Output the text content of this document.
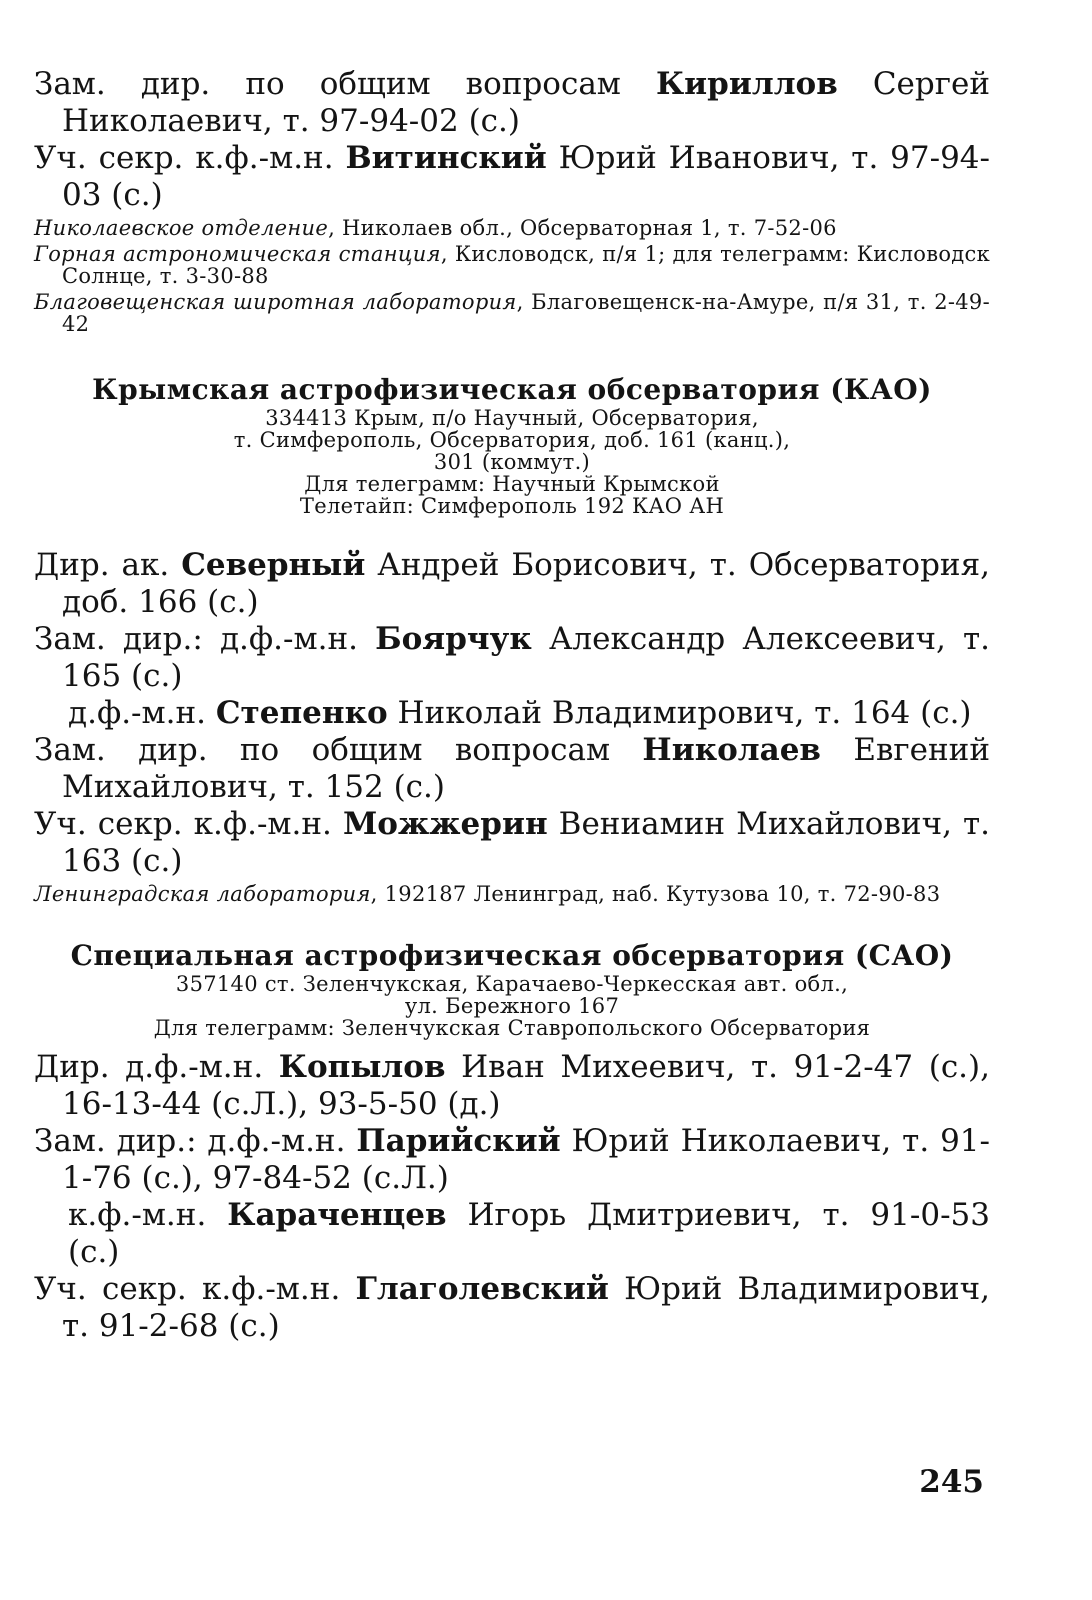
Зам. дир. по общим вопросам Кириллов Сергей Николаевич, т. 97-94-02 (с.)

Уч. секр. к.ф.-м.н. Витинский Юрий Иванович, т. 97-94-03 (с.)

Николаевское отделение, Николаев обл., Обсерваторная 1, т. 7-52-06

Горная астрономическая станция, Кисловодск, п/я 1; для телеграмм: Кисловодск Солнце, т. 3-30-88

Благовещенская широтная лаборатория, Благовещенск-на-Амуре, п/я 31, т. 2-49-42

Крымская астрофизическая обсерватория (КАО)

334413 Крым, п/о Научный, Обсерватория,

т. Симферополь, Обсерватория, доб. 161 (канц.),

301 (коммут.)

Для телеграмм: Научный Крымской

Телетайп: Симферополь 192 КАО АН

Дир. ак. Северный Андрей Борисович, т. Обсерватория, доб. 166 (с.)

Зам. дир.: д.ф.-м.н. Боярчук Александр Алексеевич, т. 165 (с.)

д.ф.-м.н. Степенко Николай Владимирович, т. 164 (с.)

Зам. дир. по общим вопросам Николаев Евгений Михайлович, т. 152 (с.)

Уч. секр. к.ф.-м.н. Можжерин Вениамин Михайлович, т. 163 (с.)

Ленинградская лаборатория, 192187 Ленинград, наб. Кутузова 10, т. 72-90-83

Специальная астрофизическая обсерватория (САО)

357140 ст. Зеленчукская, Карачаево-Черкесская авт. обл.,

ул. Бережного 167

Для телеграмм: Зеленчукская Ставропольского Обсерватория

Дир. д.ф.-м.н. Копылов Иван Михеевич, т. 91-2-47 (с.), 16-13-44 (с.Л.), 93-5-50 (д.)

Зам. дир.: д.ф.-м.н. Парийский Юрий Николаевич, т. 91-1-76 (с.), 97-84-52 (с.Л.)

к.ф.-м.н. Караченцев Игорь Дмитриевич, т. 91-0-53 (с.)

Уч. секр. к.ф.-м.н. Глаголевский Юрий Владимирович, т. 91-2-68 (с.)

245
